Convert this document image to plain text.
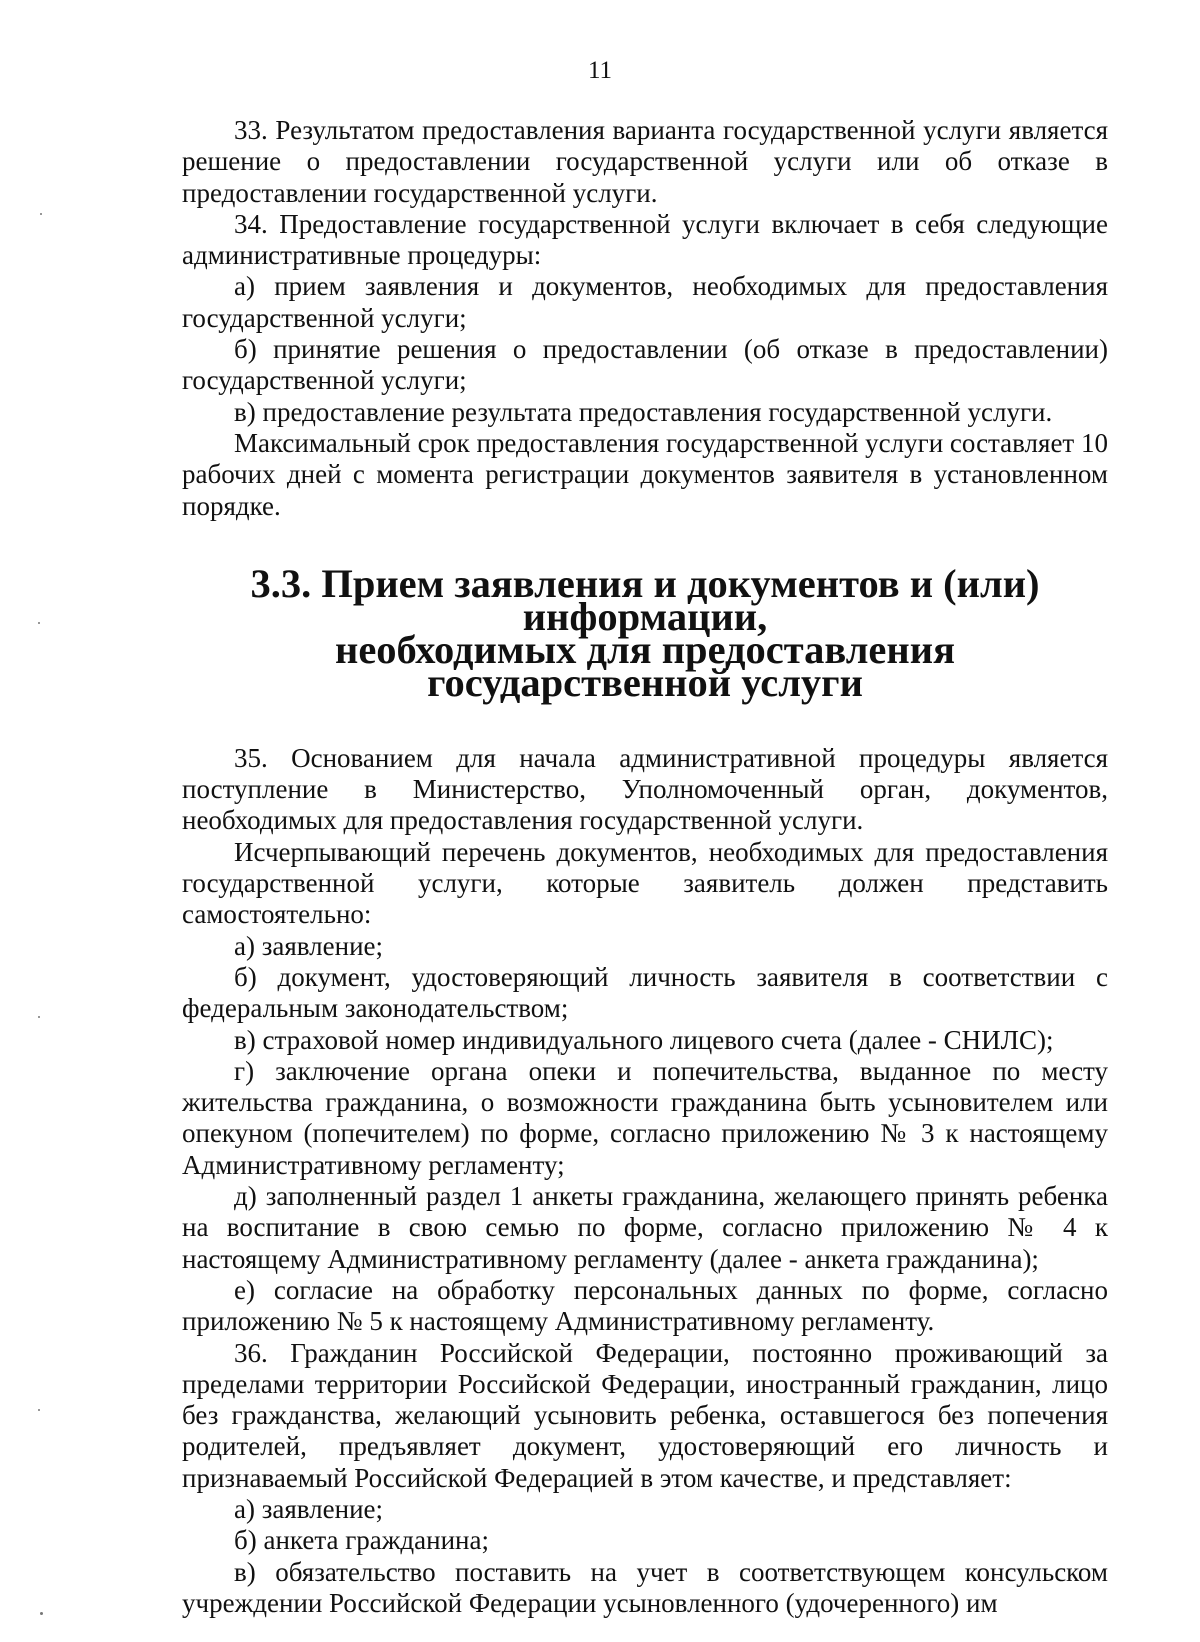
11

33. Результатом предоставления варианта государственной услуги является решение о предоставлении государственной услуги или об отказе в предоставлении государственной услуги.

34. Предоставление государственной услуги включает в себя следующие административные процедуры:

а) прием заявления и документов, необходимых для предоставления государственной услуги;

б) принятие решения о предоставлении (об отказе в предоставлении) государственной услуги;

в) предоставление результата предоставления государственной услуги.

Максимальный срок предоставления государственной услуги составляет 10 рабочих дней с момента регистрации документов заявителя в установленном порядке.

3.3. Прием заявления и документов и (или) информации,
необходимых для предоставления государственной услуги

35. Основанием для начала административной процедуры является поступление в Министерство, Уполномоченный орган, документов, необходимых для предоставления государственной услуги.

Исчерпывающий перечень документов, необходимых для предоставления государственной услуги, которые заявитель должен представить самостоятельно:

а) заявление;

б) документ, удостоверяющий личность заявителя в соответствии с федеральным законодательством;

в) страховой номер индивидуального лицевого счета (далее - СНИЛС);

г) заключение органа опеки и попечительства, выданное по месту жительства гражданина, о возможности гражданина быть усыновителем или опекуном (попечителем) по форме, согласно приложению № 3 к настоящему Административному регламенту;

д) заполненный раздел 1 анкеты гражданина, желающего принять ребенка на воспитание в свою семью по форме, согласно приложению № 4 к настоящему Административному регламенту (далее - анкета гражданина);

е) согласие на обработку персональных данных по форме, согласно приложению № 5 к настоящему Административному регламенту.

36. Гражданин Российской Федерации, постоянно проживающий за пределами территории Российской Федерации, иностранный гражданин, лицо без гражданства, желающий усыновить ребенка, оставшегося без попечения родителей, предъявляет документ, удостоверяющий его личность и признаваемый Российской Федерацией в этом качестве, и представляет:

а) заявление;

б) анкета гражданина;

в) обязательство поставить на учет в соответствующем консульском учреждении Российской Федерации усыновленного (удочеренного) им
